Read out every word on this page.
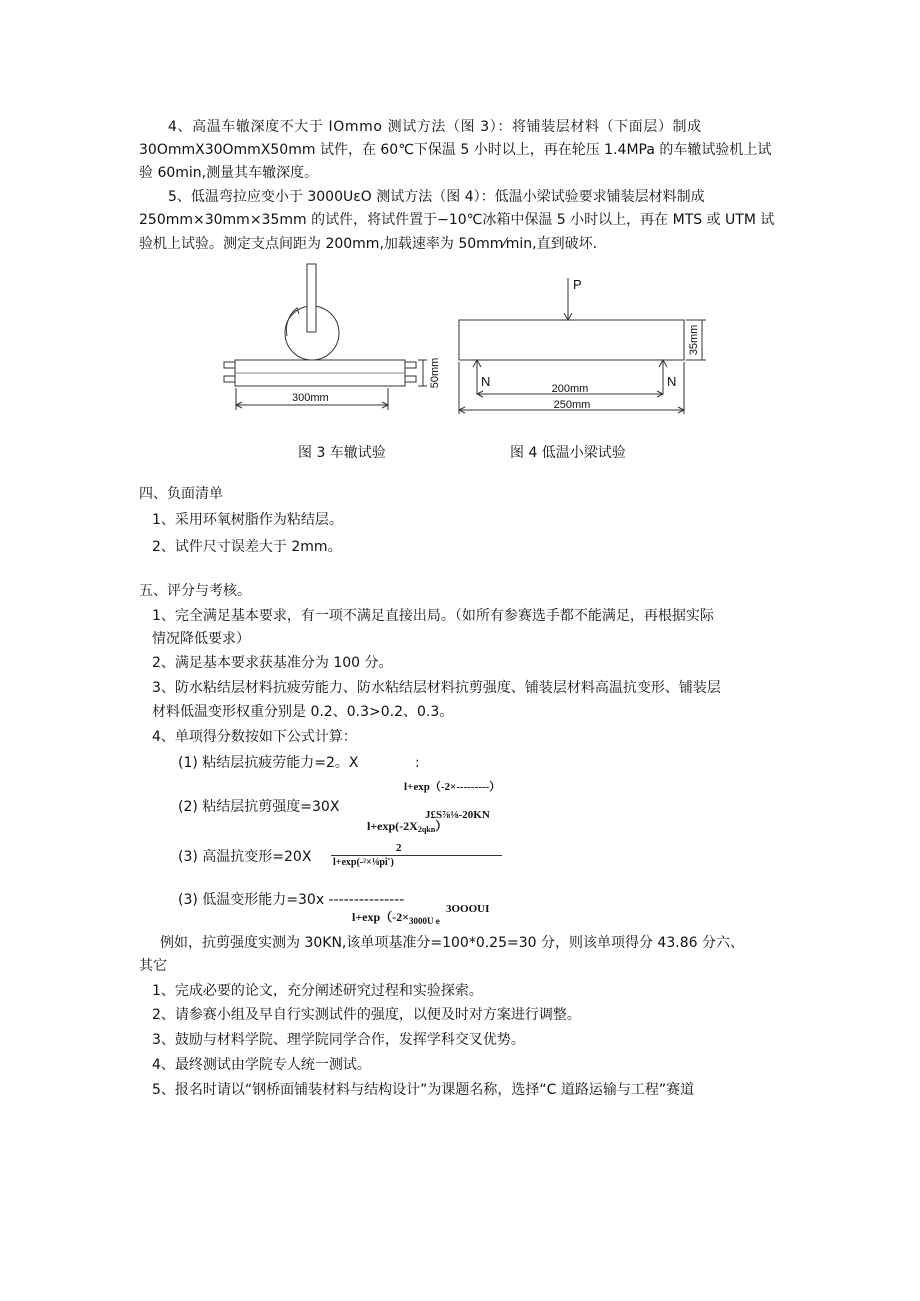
4、高温车辙深度不大于 IOmmo 测试方法（图 3）：将铺装层材料（下面层）制成
30OmmX30OmmX50mm 试件，在 60℃下保温 5 小时以上，再在轮压 1.4MPa 的车辙试验机上试
验 60min,测量其车辙深度。
5、低温弯拉应变小于 3000UεO 测试方法（图 4）：低温小梁试验要求铺装层材料制成
250mm×30mm×35mm 的试件，将试件置于−10℃冰箱中保温 5 小时以上，再在 MTS 或 UTM 试
验机上试验。测定支点间距为 200mm,加载速率为 50mm⁄min,直到破坏.
300mm
50mm
P
N	N
200mm
250mm
35mm
图 3 车辙试验	图 4 低温小梁试验
四、负面清单
1、采用环氧树脂作为粘结层。
2、试件尺寸误差大于 2mm。
五、评分与考核。
1、完全满足基本要求，有一项不满足直接出局。（如所有参赛选手都不能满足，再根据实际
情况降低要求）
2、满足基本要求获基准分为 100 分。
3、防水粘结层材料抗疲劳能力、防水粘结层材料抗剪强度、铺装层材料高温抗变形、铺装层
材料低温变形权重分别是 0.2、0.3>0.2、0.3。
4、单项得分数按如下公式计算：
(1) 粘结层抗疲劳能力=2。X	:
l+exp（-2×---------）
(2) 粘结层抗剪强度=30X	J£S⅞⅛-20KN
l+exp(-2X2qkn）
2
(3) 高温抗变形=20X l+exp(-²×⅛pi')
(3) 低温变形能力=30x ---------------
3OOOUI
$l+\exp(-2\times_{3000U e}$
例如，抗剪强度实测为 30KN,该单项基准分=100*0.25=30 分，则该单项得分 43.86 分六、
其它
1、完成必要的论文，充分阐述研究过程和实验探索。
2、请参赛小组及早自行实测试件的强度，以便及时对方案进行调整。
3、鼓励与材料学院、理学院同学合作，发挥学科交叉优势。
4、最终测试由学院专人统一测试。
5、报名时请以“钢桥面铺装材料与结构设计”为课题名称，选择“C 道路运输与工程”赛道
